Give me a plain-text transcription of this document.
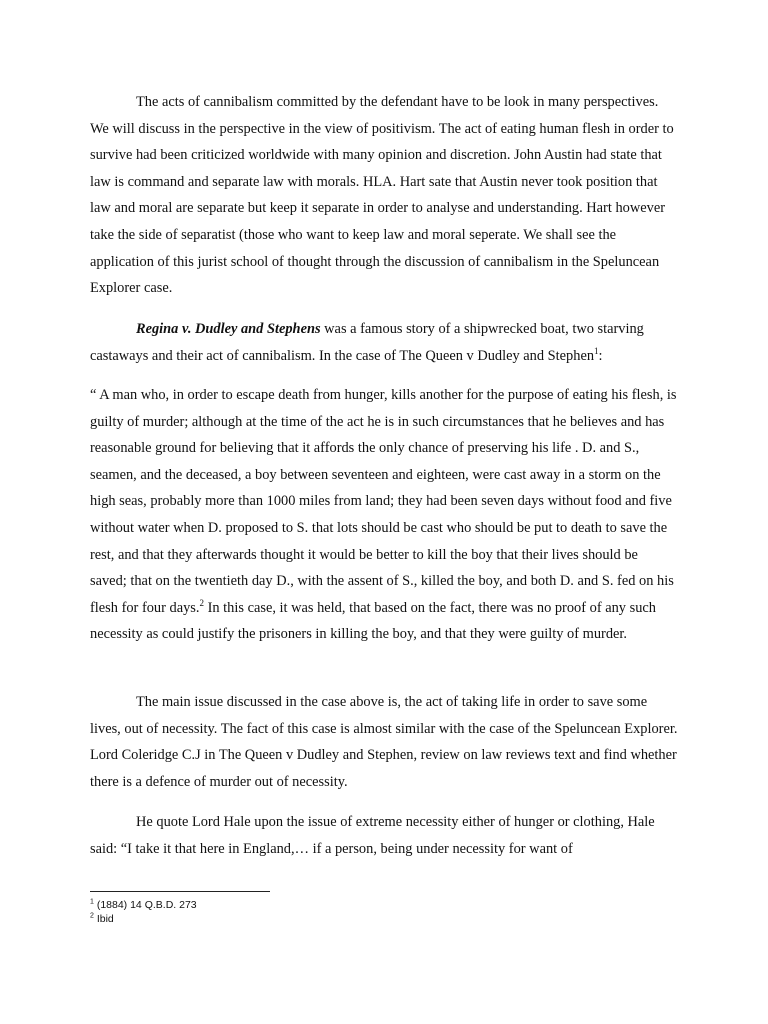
The acts of cannibalism committed by the defendant have to be look in many perspectives. We will discuss in the perspective in the view of positivism. The act of eating human flesh in order to survive had been criticized worldwide with many opinion and discretion. John Austin had state that law is command and separate law with morals. HLA. Hart sate that Austin never took position that law and moral are separate but keep it separate in order to analyse and understanding. Hart however take the side of separatist (those who want to keep law and moral seperate. We shall see the application of this jurist school of thought through the discussion of cannibalism in the Speluncean Explorer case.

Regina v. Dudley and Stephens was a famous story of a shipwrecked boat, two starving castaways and their act of cannibalism. In the case of The Queen v Dudley and Stephen$^1$:

“ A man who, in order to escape death from hunger, kills another for the purpose of eating his flesh, is guilty of murder; although at the time of the act he is in such circumstances that he believes and has reasonable ground for believing that it affords the only chance of preserving his life . D. and S., seamen, and the deceased, a boy between seventeen and eighteen, were cast away in a storm on the high seas, probably more than 1000 miles from land; they had been seven days without food and five without water when D. proposed to S. that lots should be cast who should be put to death to save the rest, and that they afterwards thought it would be better to kill the boy that their lives should be saved; that on the twentieth day D., with the assent of S., killed the boy, and both D. and S. fed on his flesh for four days.$^2$ In this case, it was held, that based on the fact, there was no proof of any such necessity as could justify the prisoners in killing the boy, and that they were guilty of murder.

The main issue discussed in the case above is, the act of taking life in order to save some lives, out of necessity. The fact of this case is almost similar with the case of the Speluncean Explorer. Lord Coleridge C.J in The Queen v Dudley and Stephen, review on law reviews text and find whether there is a defence of murder out of necessity.

He quote Lord Hale upon the issue of extreme necessity either of hunger or clothing, Hale said: “I take it that here in England,… if a person, being under necessity for want of

$^1$ (1884) 14 Q.B.D. 273
$^2$ Ibid
